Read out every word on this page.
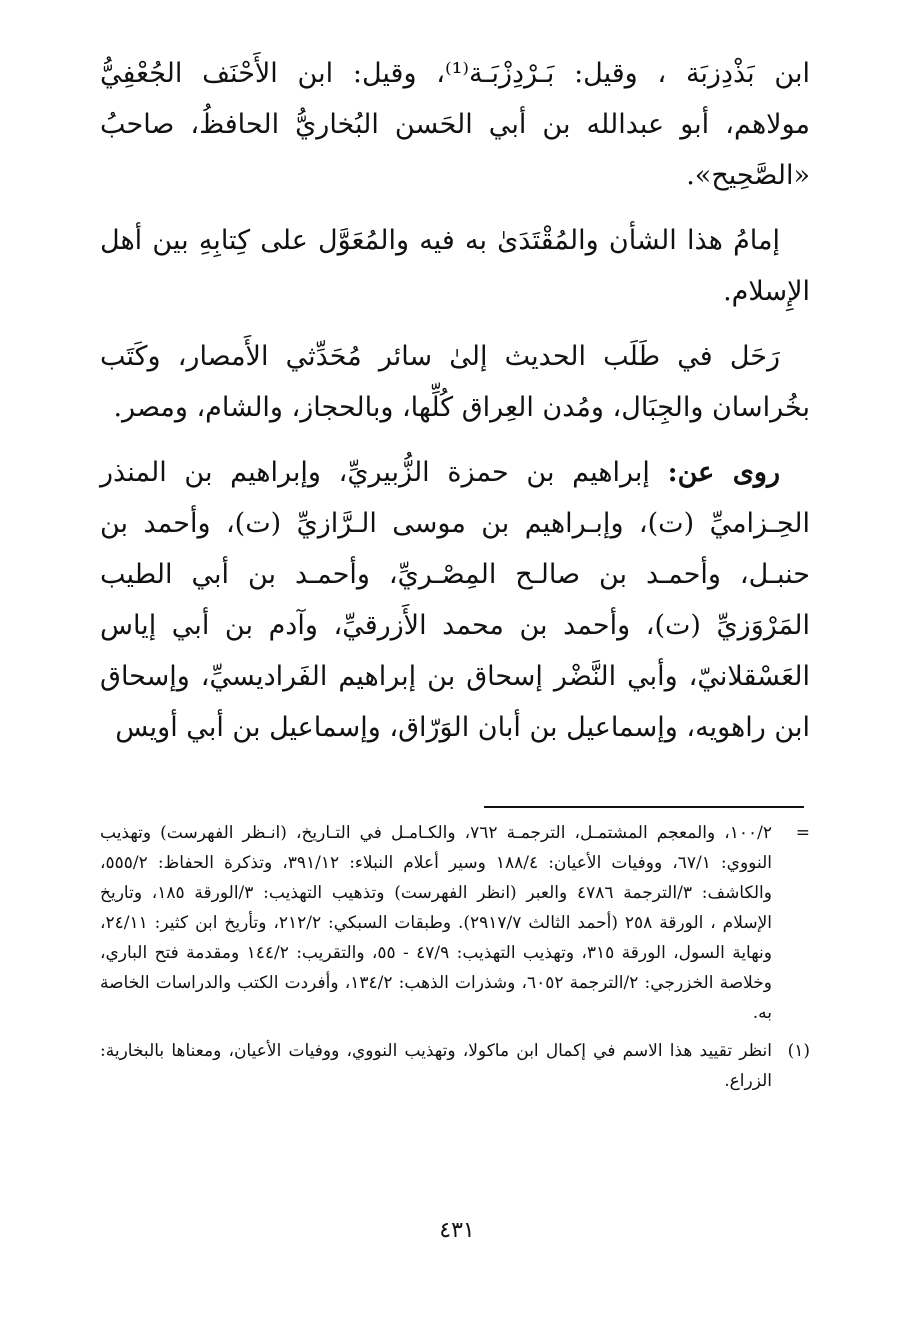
ابن بَذْدِزبَة ، وقيل: بَـرْدِزْبَـة⁽¹⁾، وقيل: ابن الأَحْنَف الجُعْفِيُّ مولاهم، أبو عبدالله بن أبي الحَسن البُخاريُّ الحافظُ، صاحبُ «الصَّحِيح».

إمامُ هذا الشأن والمُقْتَدَىٰ به فيه والمُعَوَّل على كِتابِهِ بين أهل الإِسلام.

رَحَل في طَلَب الحديث إلىٰ سائر مُحَدِّثي الأَمصار، وكَتَب بخُراسان والجِبَال، ومُدن العِراق كُلِّها، وبالحجاز، والشام، ومصر.

روى عن: إبراهيم بن حمزة الزُّبيريِّ، وإبراهيم بن المنذر الحِـزاميِّ (ت)، وإبـراهيم بن موسى الـرَّازيِّ (ت)، وأحمد بن حنبـل، وأحمـد بن صالـح المِصْـريِّ، وأحمـد بن أبي الطيب المَرْوَزيِّ (ت)، وأحمد بن محمد الأَزرقيِّ، وآدم بن أبي إياس العَسْقلانيّ، وأبي النَّضْر إسحاق بن إبراهيم الفَراديسيِّ، وإسحاق ابن راهويه، وإسماعيل بن أبان الوَرّاق، وإسماعيل بن أبي أويس

=
١٠٠/٢، والمعجم المشتمـل، الترجمـة ٧٦٢، والكـامـل في التـاريخ، (انـظر الفهرست) وتهذيب النووي: ٦٧/١، ووفيات الأعيان: ١٨٨/٤ وسير أعلام النبلاء: ٣٩١/١٢، وتذكرة الحفاظ: ٥٥٥/٢، والكاشف: ٣/الترجمة ٤٧٨٦ والعبر (انظر الفهرست) وتذهيب التهذيب: ٣/الورقة ١٨٥، وتاريخ الإسلام ، الورقة ٢٥٨ (أحمد الثالث ٢٩١٧/٧). وطبقات السبكي: ٢١٢/٢، وتأريخ ابن كثير: ٢٤/١١، ونهاية السول، الورقة ٣١٥، وتهذيب التهذيب: ٤٧/٩ - ٥٥، والتقريب: ١٤٤/٢ ومقدمة فتح الباري، وخلاصة الخزرجي: ٢/الترجمة ٦٠٥٢، وشذرات الذهب: ١٣٤/٢، وأفردت الكتب والدراسات الخاصة به.
(١)
انظر تقييد هذا الاسم في إكمال ابن ماكولا، وتهذيب النووي، ووفيات الأعيان، ومعناها بالبخارية: الزراع.
٤٣١
